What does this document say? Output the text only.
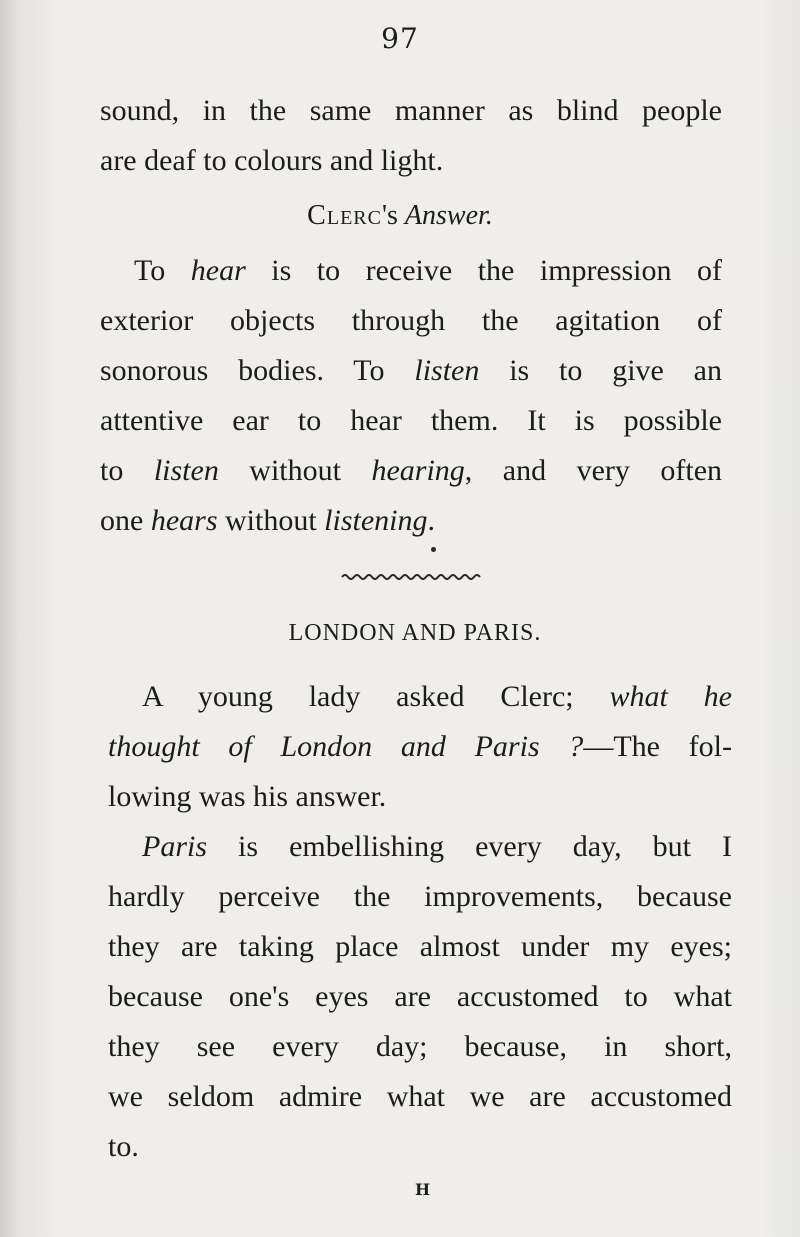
97
sound, in the same manner as blind people
are deaf to colours and light.
Clerc's Answer.
To hear is to receive the impression of
exterior objects through the agitation of
sonorous bodies. To listen is to give an
attentive ear to hear them. It is possible
to listen without hearing, and very often
one hears without listening.
LONDON AND PARIS.
A young lady asked Clerc; what he
thought of London and Paris ?—The fol-
lowing was his answer.
Paris is embellishing every day, but I
hardly perceive the improvements, because
they are taking place almost under my eyes;
because one's eyes are accustomed to what
they see every day; because, in short,
we seldom admire what we are accustomed
to.
H
